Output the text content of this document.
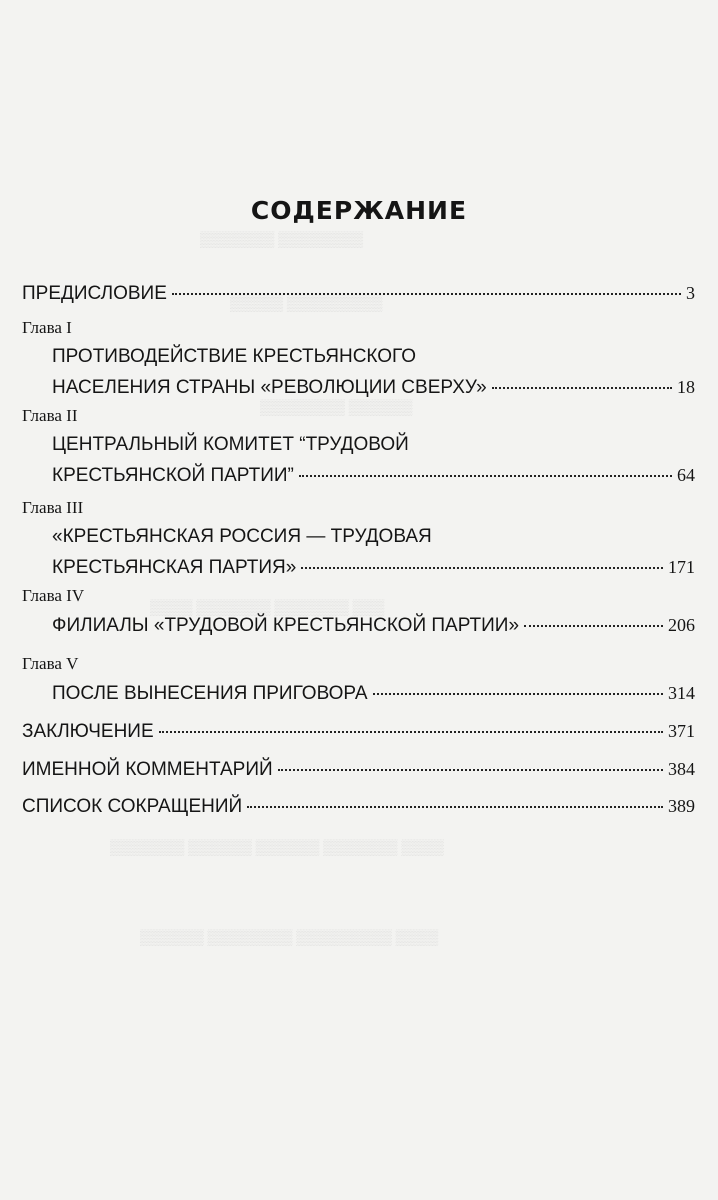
▒▒▒▒▒▒▒ ▒▒▒▒▒▒▒▒
▒▒▒▒▒ ▒▒▒▒▒▒▒▒▒
▒▒▒▒▒▒▒▒ ▒▒▒▒▒▒
▒▒▒▒ ▒▒▒▒▒▒▒ ▒▒▒▒▒▒▒ ▒▒▒
▒▒▒▒▒▒▒ ▒▒▒▒▒▒ ▒▒▒▒▒▒ ▒▒▒▒▒▒▒ ▒▒▒▒
▒▒▒▒▒▒ ▒▒▒▒▒▒▒▒ ▒▒▒▒▒▒▒▒▒ ▒▒▒▒
СОДЕРЖАНИЕ
ПРЕДИСЛОВИЕ	3
Глава I
ПРОТИВОДЕЙСТВИЕ КРЕСТЬЯНСКОГО
НАСЕЛЕНИЯ СТРАНЫ «РЕВОЛЮЦИИ СВЕРХУ»	18
Глава II
ЦЕНТРАЛЬНЫЙ КОМИТЕТ “ТРУДОВОЙ
КРЕСТЬЯНСКОЙ ПАРТИИ”	64
Глава III
«КРЕСТЬЯНСКАЯ РОССИЯ — ТРУДОВАЯ
КРЕСТЬЯНСКАЯ ПАРТИЯ»	171
Глава IV
ФИЛИАЛЫ «ТРУДОВОЙ КРЕСТЬЯНСКОЙ ПАРТИИ»	206
Глава V
ПОСЛЕ ВЫНЕСЕНИЯ ПРИГОВОРА	314
ЗАКЛЮЧЕНИЕ	371
ИМЕННОЙ КОММЕНТАРИЙ	384
СПИСОК СОКРАЩЕНИЙ	389
